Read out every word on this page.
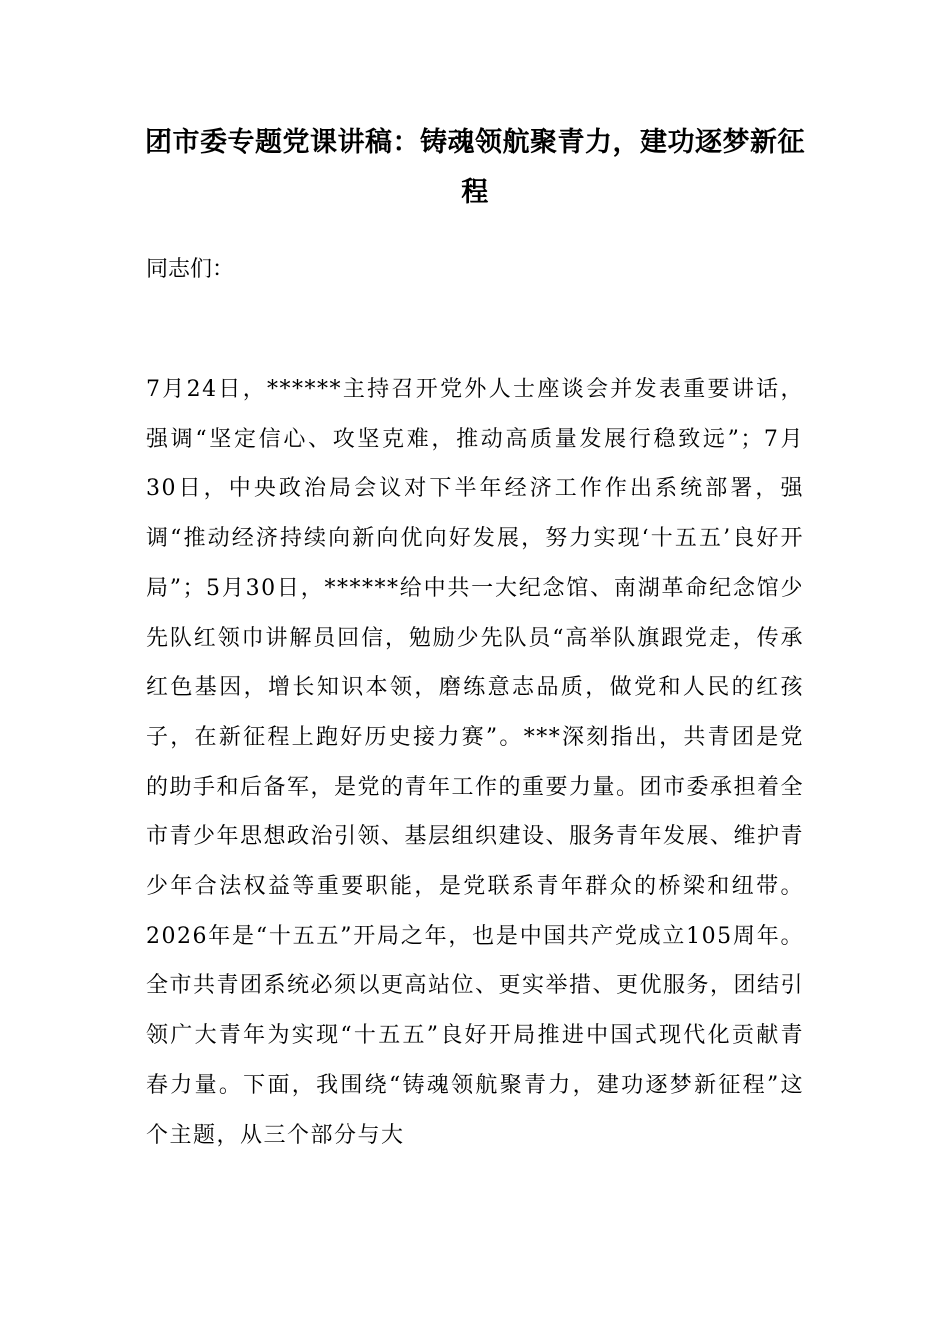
团市委专题党课讲稿：铸魂领航聚青力，建功逐梦新征程

同志们：

7月24日，******主持召开党外人士座谈会并发表重要讲话，强调“坚定信心、攻坚克难，推动高质量发展行稳致远”；7月30日，中央政治局会议对下半年经济工作作出系统部署，强调“推动经济持续向新向优向好发展，努力实现‘十五五’良好开局”；5月30日，******给中共一大纪念馆、南湖革命纪念馆少先队红领巾讲解员回信，勉励少先队员“高举队旗跟党走，传承红色基因，增长知识本领，磨练意志品质，做党和人民的红孩子，在新征程上跑好历史接力赛”。***深刻指出，共青团是党的助手和后备军，是党的青年工作的重要力量。团市委承担着全市青少年思想政治引领、基层组织建设、服务青年发展、维护青少年合法权益等重要职能，是党联系青年群众的桥梁和纽带。2026年是“十五五”开局之年，也是中国共产党成立105周年。全市共青团系统必须以更高站位、更实举措、更优服务，团结引领广大青年为实现“十五五”良好开局推进中国式现代化贡献青春力量。下面，我围绕“铸魂领航聚青力，建功逐梦新征程”这个主题，从三个部分与大
